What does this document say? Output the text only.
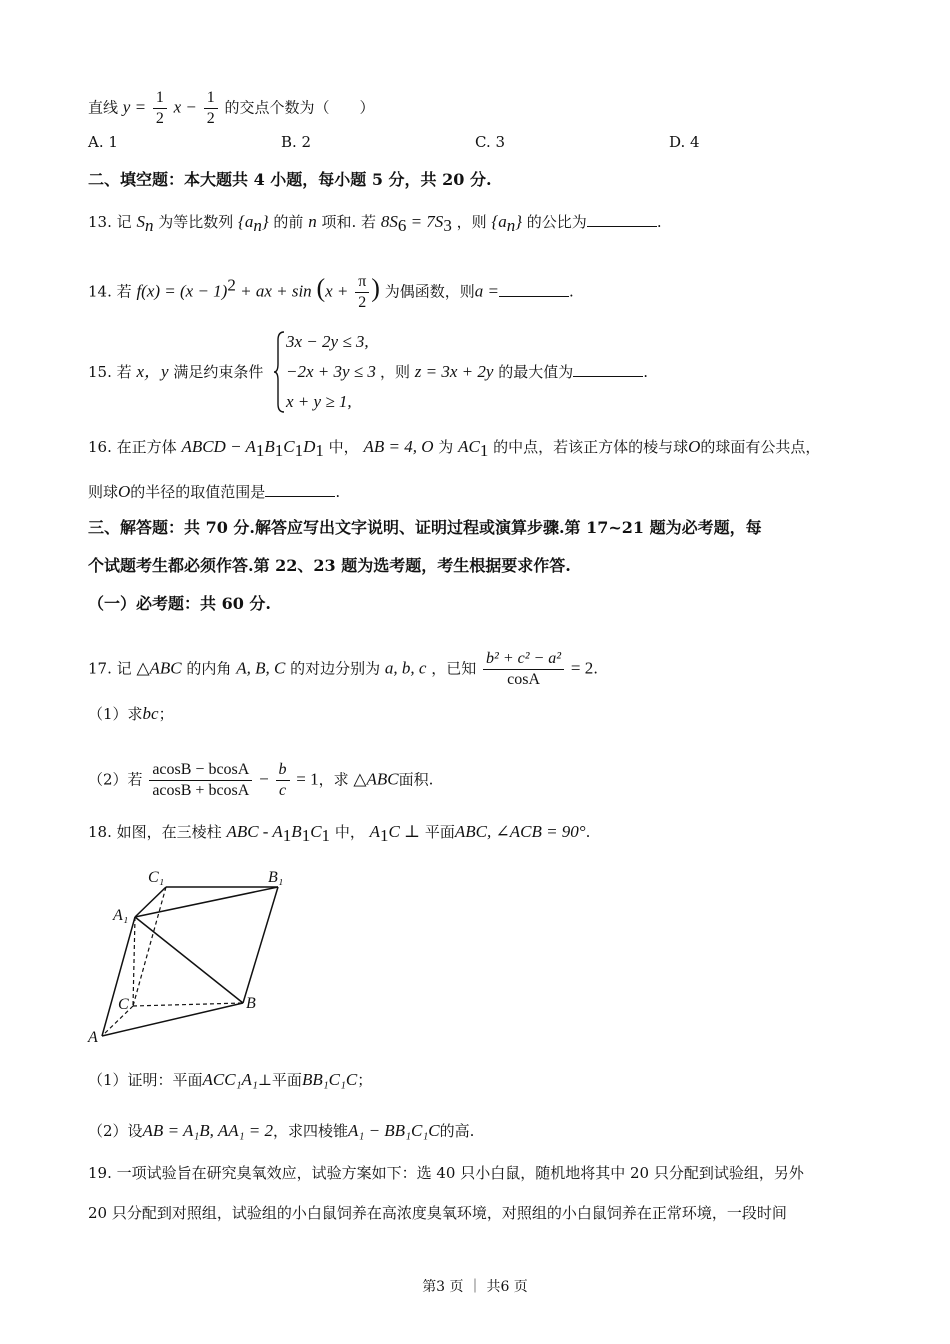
直线 $y = \frac{1}{2}$ $x - \frac{1}{2}$ 的交点个数为（　　）
A. 1	B. 2	C. 3	D. 4
二、填空题：本大题共 4 小题，每小题 5 分，共 20 分.
13. 记 $S_n$ 为等比数列 $\{a_n\}$ 的前 n 项和. 若 $8S_6 = 7S_3$ ，则 $\{a_n\}$ 的公比为	.
14. 若 $f(x) = (x - 1)^2$ + ax + $\sin (x + \frac{\pi}{2}$ ) 为偶函数，则a =	.
15. 若 x，y 满足约束条件
3x − 2y ≤ 3,
−2x + 3y ≤ 3
x + y ≥ 1,
，则 z = 3x + 2y 的最大值为	.
16. 在正方体 ABCD − $A_1B_1C_1D_1$ 中， AB = 4, O 为 $AC_1$ 的中点，若该正方体的棱与球O的球面有公共点，
则球O的半径的取值范围是	.
三、解答题：共 70 分.解答应写出文字说明、证明过程或演算步骤.第 17~21 题为必考题，每
个试题考生都必须作答.第 22、23 题为选考题，考生根据要求作答.
（一）必考题：共 60 分.
17. 记 △ABC 的内角 A, B, C 的对边分别为 a, b, c ，已知 $\frac{\text{b² + c² − a²}}{\cos A} = 2$.
（1）求bc；
（2）若 $\frac{acosB - bcosA}{acosB + bcosA} - \frac{b}{c} = 1$，求 △ABC面积.
18. 如图，在三棱柱 ABC - $A_1B_1C_1$ 中， $A_1C$ ⊥ 平面ABC, ∠ACB = 90°.
C₁	B₁
A₁
C	B
A
（1）证明：平面ACC₁A₁⊥平面BB₁C₁C；
（2）设AB = A₁B, AA₁ = 2，求四棱锥A₁ − BB₁C₁C的高.
19. 一项试验旨在研究臭氧效应，试验方案如下：选 40 只小白鼠，随机地将其中 20 只分配到试验组，另外
20 只分配到对照组，试验组的小白鼠饲养在高浓度臭氧环境，对照组的小白鼠饲养在正常环境，一段时间
第3 页 ｜ 共6 页
